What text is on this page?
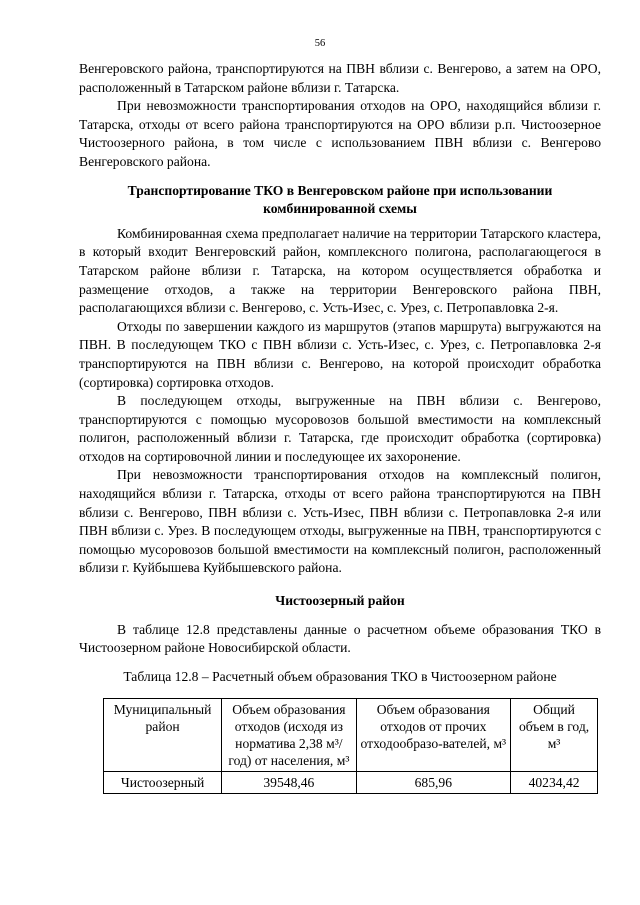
56

Венгеровского района, транспортируются на ПВН вблизи с. Венгерово, а затем на ОРО, расположенный в Татарском районе вблизи г. Татарска.

При невозможности транспортирования отходов на ОРО, находящийся вблизи г. Татарска, отходы от всего района транспортируются на ОРО вблизи р.п. Чистоозерное Чистоозерного района, в том числе с использованием ПВН вблизи с. Венгерово Венгеровского района.

Транспортирование ТКО в Венгеровском районе при использовании комбинированной схемы

Комбинированная схема предполагает наличие на территории Татарского кластера, в который входит Венгеровский район, комплексного полигона, располагающегося в Татарском районе вблизи г. Татарска, на котором осуществляется обработка и размещение отходов, а также на территории Венгеровского района ПВН, располагающихся вблизи с. Венгерово, с. Усть-Изес, с. Урез, с. Петропавловка 2-я.

Отходы по завершении каждого из маршрутов (этапов маршрута) выгружаются на ПВН. В последующем ТКО с ПВН вблизи с. Усть-Изес, с. Урез, с. Петропавловка 2-я транспортируются на ПВН вблизи с. Венгерово, на которой происходит обработка (сортировка) сортировка отходов.

В последующем отходы, выгруженные на ПВН вблизи с. Венгерово, транспортируются с помощью мусоровозов большой вместимости на комплексный полигон, расположенный вблизи г. Татарска, где происходит обработка (сортировка) отходов на сортировочной линии и последующее их захоронение.

При невозможности транспортирования отходов на комплексный полигон, находящийся вблизи г. Татарска, отходы от всего района транспортируются на ПВН вблизи с. Венгерово, ПВН вблизи с. Усть-Изес, ПВН вблизи с. Петропавловка 2-я или ПВН вблизи с. Урез. В последующем отходы, выгруженные на ПВН, транспортируются с помощью мусоровозов большой вместимости на комплексный полигон, расположенный вблизи г. Куйбышева Куйбышевского района.

Чистоозерный район

В таблице 12.8 представлены данные о расчетном объеме образования ТКО в Чистоозерном районе Новосибирской области.

Таблица 12.8 – Расчетный объем образования ТКО в Чистоозерном районе
Муниципальный район	Объем образования отходов (исходя из норматива 2,38 м³/год) от населения, м³	Объем образования отходов от прочих отходообразо-вателей, м³	Общий объем в год, м³
Чистоозерный	39548,46	685,96	40234,42
